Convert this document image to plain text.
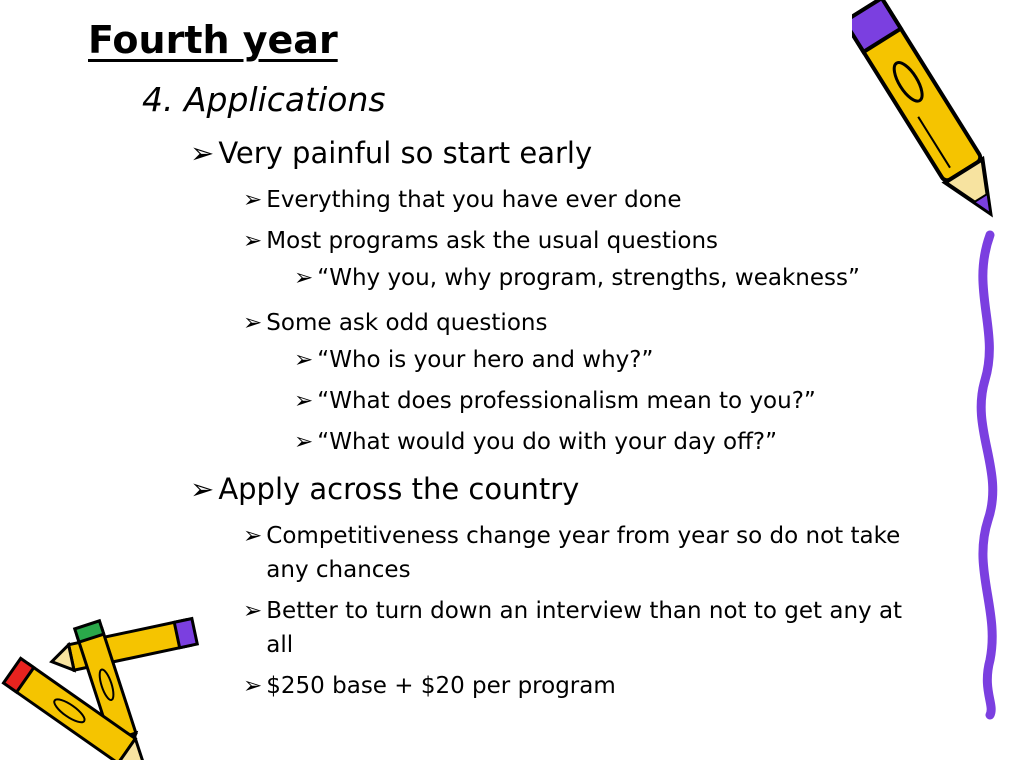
Fourth year
4. Applications
➢ Very painful so start early
➢ Everything that you have ever done
➢ Most programs ask the usual questions
➢ “Why you, why program, strengths, weakness”
➢ Some ask odd questions
➢ “Who is your hero and why?”
➢ “What does professionalism mean to you?”
➢ “What would you do with your day off?”
➢ Apply across the country
➢ Competitiveness change year from year so do not take any chances
➢ Better to turn down an interview than not to get any at all
➢ $250 base + $20 per program
